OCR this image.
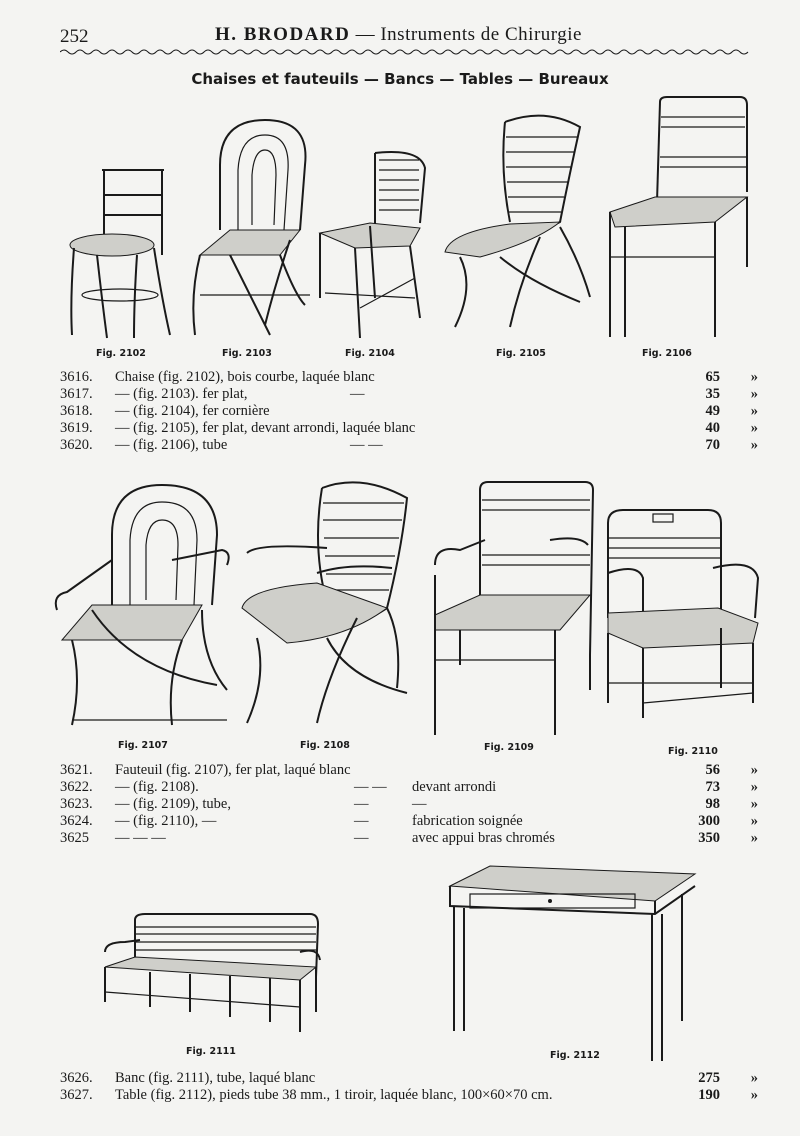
252	H. BRODARD — Instruments de Chirurgie
Chaises et fauteuils — Bancs — Tables — Bureaux
Fig. 2102	Fig. 2103	Fig. 2104	Fig. 2105	Fig. 2106
3616. Chaise (fig. 2102), bois courbe, laquée blanc	65 »
3617. — (fig. 2103). fer plat,	—	35 »
3618. — (fig. 2104), fer cornière	49 »
3619. — (fig. 2105), fer plat, devant arrondi, laquée blanc	40 »
3620. — (fig. 2106), tube	— —	70 »
Fig. 2107	Fig. 2108	Fig. 2109	Fig. 2110
3621. Fauteuil (fig. 2107), fer plat, laqué blanc	56 »
3622. — (fig. 2108).	— — devant arrondi	73 »
3623. — (fig. 2109), tube,	—	—	98 »
3624. — (fig. 2110), —	—	fabrication soignée	300 »
3625 — — —	—	avec appui bras chromés	350 »
Fig. 2111	Fig. 2112
3626. Banc (fig. 2111), tube, laqué blanc	275 »
3627. Table (fig. 2112), pieds tube 38 mm., 1 tiroir, laquée blanc, 100×60×70 cm.	190 »
